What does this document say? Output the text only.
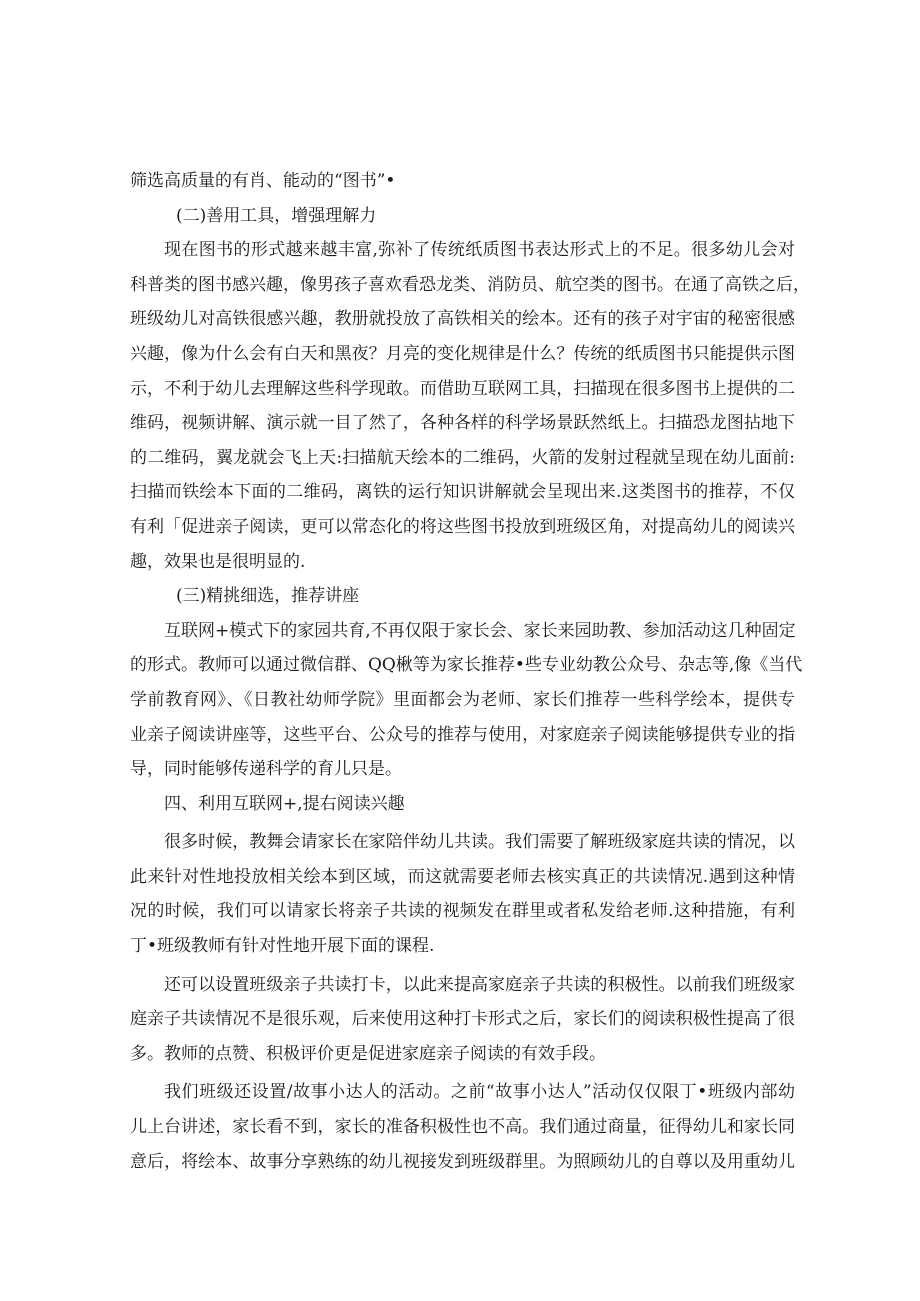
筛选高质量的有肖、能动的“图书”•
(二)善用工具，增强理解力
现在图书的形式越来越丰富,弥补了传统纸质图书表达形式上的不足。很多幼儿会对
科普类的图书感兴趣，像男孩子喜欢看恐龙类、消防员、航空类的图书。在通了高铁之后，
班级幼儿对高铁很感兴趣，教册就投放了高铁相关的绘本。还有的孩子对宇宙的秘密很感
兴趣，像为什么会有白天和黑夜？月亮的变化规律是什么？传统的纸质图书只能提供示图
示，不利于幼儿去理解这些科学现敢。而借助互联网工具，扫描现在很多图书上提供的二
维码，视频讲解、演示就一目了然了，各种各样的科学场景跃然纸上。扫描恐龙图拈地下
的二维码，翼龙就会飞上天:扫描航天绘本的二维码，火箭的发射过程就呈现在幼儿面前:
扫描而铁绘本下面的二维码，离铁的运行知识讲解就会呈现出来.这类图书的推荐，不仅
有利「促进亲子阅读，更可以常态化的将这些图书投放到班级区角，对提高幼儿的阅读兴
趣，效果也是很明显的.
(三)精挑细选，推荐讲座
互联网+模式下的家园共育,不再仅限于家长会、家长来园助教、参加活动这几种固定
的形式。教师可以通过微信群、QQ楸等为家长推荐•些专业幼教公众号、杂志等,像《当代
学前教育网》、《日教社幼师学院》里面都会为老师、家长们推荐一些科学绘本，提供专
业亲子阅读讲座等，这些平台、公众号的推荐与使用，对家庭亲子阅读能够提供专业的指
导，同时能够传递科学的育儿只是。
四、利用互联网+,提右阅读兴趣
很多时候，教舞会请家长在家陪伴幼儿共读。我们需要了解班级家庭共读的情况，以
此来针对性地投放相关绘本到区域，而这就需要老师去核实真正的共读情况.遇到这种情
况的时候，我们可以请家长将亲子共读的视频发在群里或者私发给老师.这种措施，有利
丁•班级教师有针对性地开展下面的课程.
还可以设置班级亲子共读打卡，以此来提高家庭亲子共读的积极性。以前我们班级家
庭亲子共读情况不是很乐观，后来使用这种打卡形式之后，家长们的阅读积极性提高了很
多。教师的点赞、积极评价更是促进家庭亲子阅读的有效手段。
我们班级还设置/故事小达人的活动。之前“故事小达人”活动仅仅限丁•班级内部幼
儿上台讲述，家长看不到，家长的准备积极性也不高。我们通过商量，征得幼儿和家长同
意后，将绘本、故事分享熟练的幼儿视接发到班级群里。为照顾幼儿的自尊以及用重幼儿
